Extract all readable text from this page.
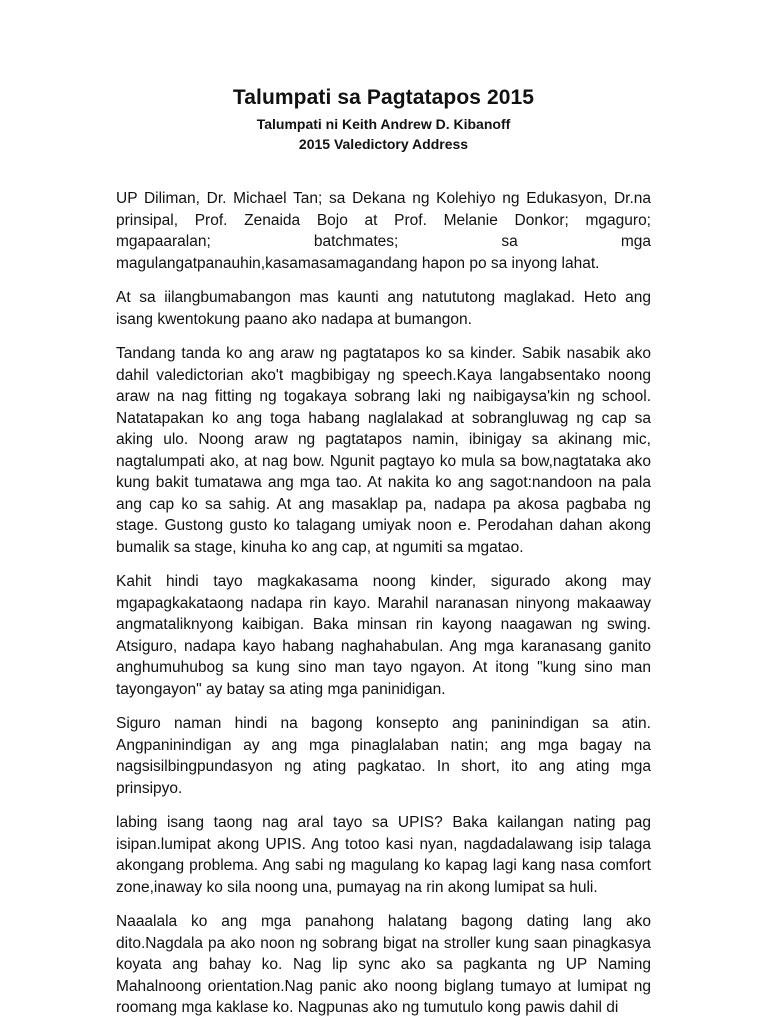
Talumpati sa Pagtatapos 2015

Talumpati ni Keith Andrew D. Kibanoff

2015 Valedictory Address

UP Diliman, Dr. Michael Tan; sa Dekana ng Kolehiyo ng Edukasyon, Dr.na prinsipal, Prof. Zenaida Bojo at Prof. Melanie Donkor; mgaguro; mgapaaralan; batchmates; sa mga magulangatpanauhin,kasamasamagandang hapon po sa inyong lahat.

At sa iilangbumabangon mas kaunti ang natututong maglakad. Heto ang isang kwentokung paano ako nadapa at bumangon.

Tandang tanda ko ang araw ng pagtatapos ko sa kinder. Sabik nasabik ako dahil valedictorian ako't magbibigay ng speech.Kaya langabsentako noong araw na nag fitting ng togakaya sobrang laki ng naibigaysa'kin ng school. Natatapakan ko ang toga habang naglalakad at sobrangluwag ng cap sa aking ulo. Noong araw ng pagtatapos namin, ibinigay sa akinang mic, nagtalumpati ako, at nag bow. Ngunit pagtayo ko mula sa bow,nagtataka ako kung bakit tumatawa ang mga tao. At nakita ko ang sagot:nandoon na pala ang cap ko sa sahig. At ang masaklap pa, nadapa pa akosa pagbaba ng stage. Gustong gusto ko talagang umiyak noon e. Perodahan dahan akong bumalik sa stage, kinuha ko ang cap, at ngumiti sa mgatao.

Kahit hindi tayo magkakasama noong kinder, sigurado akong may mgapagkakataong nadapa rin kayo. Marahil naranasan ninyong makaaway angmataliknyong kaibigan. Baka minsan rin kayong naagawan ng swing. Atsiguro, nadapa kayo habang naghahabulan. Ang mga karanasang ganito anghumuhubog sa kung sino man tayo ngayon. At itong "kung sino man tayongayon" ay batay sa ating mga paninidigan.

Siguro naman hindi na bagong konsepto ang paninindigan sa atin. Angpaninindigan ay ang mga pinaglalaban natin; ang mga bagay na nagsisilbingpundasyon ng ating pagkatao. In short, ito ang ating mga prinsipyo.

labing isang taong nag aral tayo sa UPIS? Baka kailangan nating pag isipan.lumipat akong UPIS. Ang totoo kasi nyan, nagdadalawang isip talaga akongang problema. Ang sabi ng magulang ko kapag lagi kang nasa comfort zone,inaway ko sila noong una, pumayag na rin akong lumipat sa huli.

Naaalala ko ang mga panahong halatang bagong dating lang ako dito.Nagdala pa ako noon ng sobrang bigat na stroller kung saan pinagkasya koyata ang bahay ko. Nag lip sync ako sa pagkanta ng UP Naming Mahalnoong orientation.Nag panic ako noong biglang tumayo at lumipat ng roomang mga kaklase ko. Nagpunas ako ng tumutulo kong pawis dahil di
